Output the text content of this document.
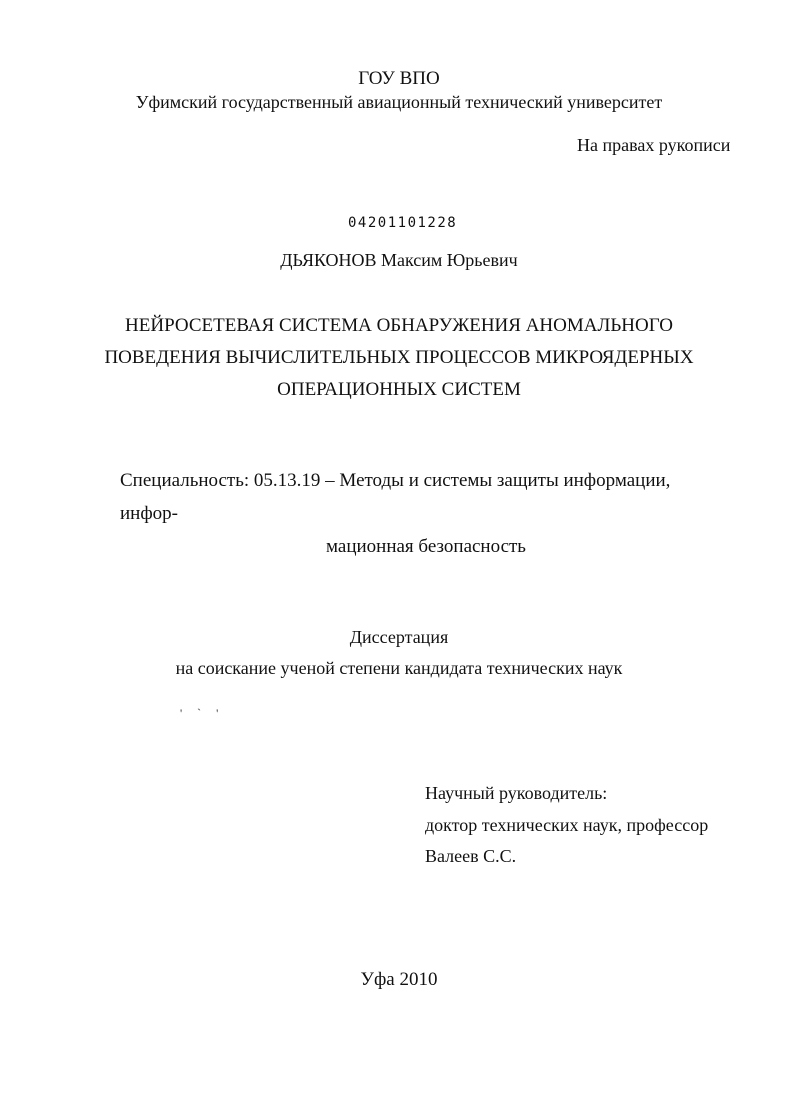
ГОУ ВПО
Уфимский государственный авиационный технический университет
На правах рукописи
04201101228
ДЬЯКОНОВ Максим Юрьевич
НЕЙРОСЕТЕВАЯ СИСТЕМА ОБНАРУЖЕНИЯ АНОМАЛЬНОГО
ПОВЕДЕНИЯ ВЫЧИСЛИТЕЛЬНЫХ ПРОЦЕССОВ МИКРОЯДЕРНЫХ
ОПЕРАЦИОННЫХ СИСТЕМ
Специальность: 05.13.19 – Методы и системы защиты информации, инфор-
мационная безопасность
Диссертация
на соискание ученой степени кандидата технических наук
' ` '
Научный руководитель:
доктор технических наук, профессор
Валеев С.С.
Уфа 2010
